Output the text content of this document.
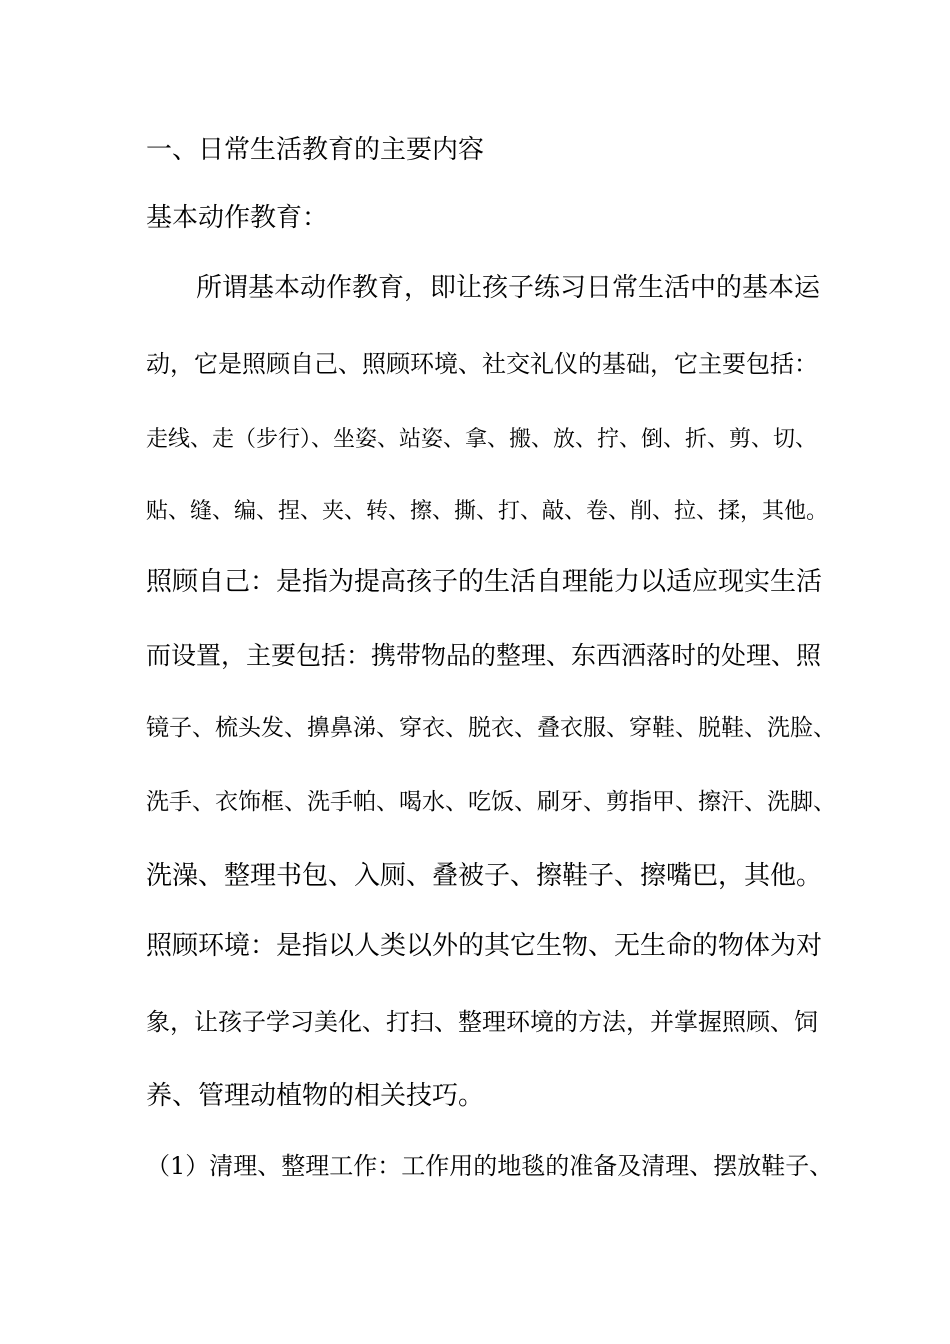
一、日常生活教育的主要内容
基本动作教育：
所谓基本动作教育，即让孩子练习日常生活中的基本运
动，它是照顾自己、照顾环境、社交礼仪的基础，它主要包括：
走线、走（步行）、坐姿、站姿、拿、搬、放、拧、倒、折、剪、切、
贴、缝、编、捏、夹、转、擦、撕、打、敲、卷、削、拉、揉，其他。
照顾自己：是指为提高孩子的生活自理能力以适应现实生活
而设置，主要包括：携带物品的整理、东西洒落时的处理、照
镜子、梳头发、擤鼻涕、穿衣、脱衣、叠衣服、穿鞋、脱鞋、洗脸、
洗手、衣饰框、洗手帕、喝水、吃饭、刷牙、剪指甲、擦汗、洗脚、
洗澡、整理书包、入厕、叠被子、擦鞋子、擦嘴巴，其他。
照顾环境：是指以人类以外的其它生物、无生命的物体为对
象，让孩子学习美化、打扫、整理环境的方法，并掌握照顾、饲
养、管理动植物的相关技巧。
（1）清理、整理工作：工作用的地毯的准备及清理、摆放鞋子、
